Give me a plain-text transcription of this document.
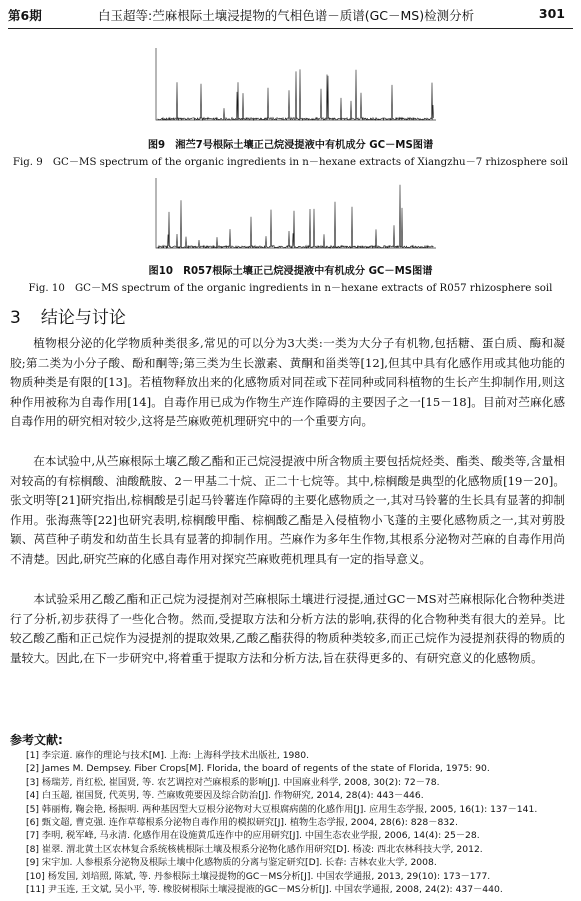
第6期	白玉超等:苎麻根际土壤浸提物的气相色谱－质谱(GC－MS)检测分析	301
图9　湘苎7号根际土壤正己烷浸提液中有机成分 GC－MS图谱
Fig. 9　GC－MS spectrum of the organic ingredients in n－hexane extracts of Xiangzhu－7 rhizosphere soil
图10　R057根际土壤正己烷浸提液中有机成分 GC－MS图谱
Fig. 10　GC－MS spectrum of the organic ingredients in n－hexane extracts of R057 rhizosphere soil
3 结论与讨论

植物根分泌的化学物质种类很多,常见的可以分为3大类:一类为大分子有机物,包括糖、蛋白质、酶和凝胶;第二类为小分子酸、酚和酮等;第三类为生长激素、黄酮和甾类等[12],但其中具有化感作用或其他功能的物质种类是有限的[13]。若植物释放出来的化感物质对同茬或下茬同种或同科植物的生长产生抑制作用,则这种作用被称为自毒作用[14]。自毒作用已成为作物生产连作障碍的主要因子之一[15－18]。目前对苎麻化感自毒作用的研究相对较少,这将是苎麻败蔸机理研究中的一个重要方向。

在本试验中,从苎麻根际土壤乙酸乙酯和正己烷浸提液中所含物质主要包括烷烃类、酯类、酸类等,含量相对较高的有棕榈酸、油酸酰胺、2－甲基二十烷、正二十七烷等。其中,棕榈酸是典型的化感物质[19－20]。张文明等[21]研究指出,棕榈酸是引起马铃薯连作障碍的主要化感物质之一,其对马铃薯的生长具有显著的抑制作用。张海燕等[22]也研究表明,棕榈酸甲酯、棕榈酸乙酯是入侵植物小飞蓬的主要化感物质之一,其对剪股颖、莴苣种子萌发和幼苗生长具有显著的抑制作用。苎麻作为多年生作物,其根系分泌物对苎麻的自毒作用尚不清楚。因此,研究苎麻的化感自毒作用对探究苎麻败蔸机理具有一定的指导意义。

本试验采用乙酸乙酯和正己烷为浸提剂对苎麻根际土壤进行浸提,通过GC－MS对苎麻根际化合物种类进行了分析,初步获得了一些化合物。然而,受提取方法和分析方法的影响,获得的化合物种类有很大的差异。比较乙酸乙酯和正己烷作为浸提剂的提取效果,乙酸乙酯获得的物质种类较多,而正己烷作为浸提剂获得的物质的量较大。因此,在下一步研究中,将着重于提取方法和分析方法,旨在获得更多的、有研究意义的化感物质。

参考文献:
[1] 李宗道. 麻作的理论与技术[M]. 上海: 上海科学技术出版社, 1980.
[2] James M. Dempsey. Fiber Crops[M]. Florida, the board of regents of the state of Florida, 1975: 90.
[3] 杨瑞芳, 肖红松, 崔国贤, 等. 农艺调控对苎麻根系的影响[J]. 中国麻业科学, 2008, 30(2): 72－78.
[4] 白玉超, 崔国贤, 代英男, 等. 苎麻败蔸要因及综合防治[J]. 作物研究, 2014, 28(4): 443－446.
[5] 韩丽梅, 鞠会艳, 杨振明. 两种基因型大豆根分泌物对大豆根腐病菌的化感作用[J]. 应用生态学报, 2005, 16(1): 137－141.
[6] 甄文超, 曹克强. 连作草莓根系分泌物自毒作用的模拟研究[J]. 植物生态学报, 2004, 28(6): 828－832.
[7] 李明, 税军峰, 马永清. 化感作用在设施黄瓜连作中的应用研究[J]. 中国生态农业学报, 2006, 14(4): 25－28.
[8] 崔翠. 渭北黄土区农林复合系统核桃根际土壤及根系分泌物化感作用研究[D]. 杨凌: 西北农林科技大学, 2012.
[9] 宋宇加. 人参根系分泌物及根际土壤中化感物质的分离与鉴定研究[D]. 长春: 吉林农业大学, 2008.
[10] 杨发国, 刘培照, 陈斌, 等. 丹参根际土壤浸提物的GC－MS分析[J]. 中国农学通报, 2013, 29(10): 173－177.
[11] 尹玉连, 王文斌, 吴小平, 等. 橡胶树根际土壤浸提液的GC－MS分析[J]. 中国农学通报, 2008, 24(2): 437－440.
